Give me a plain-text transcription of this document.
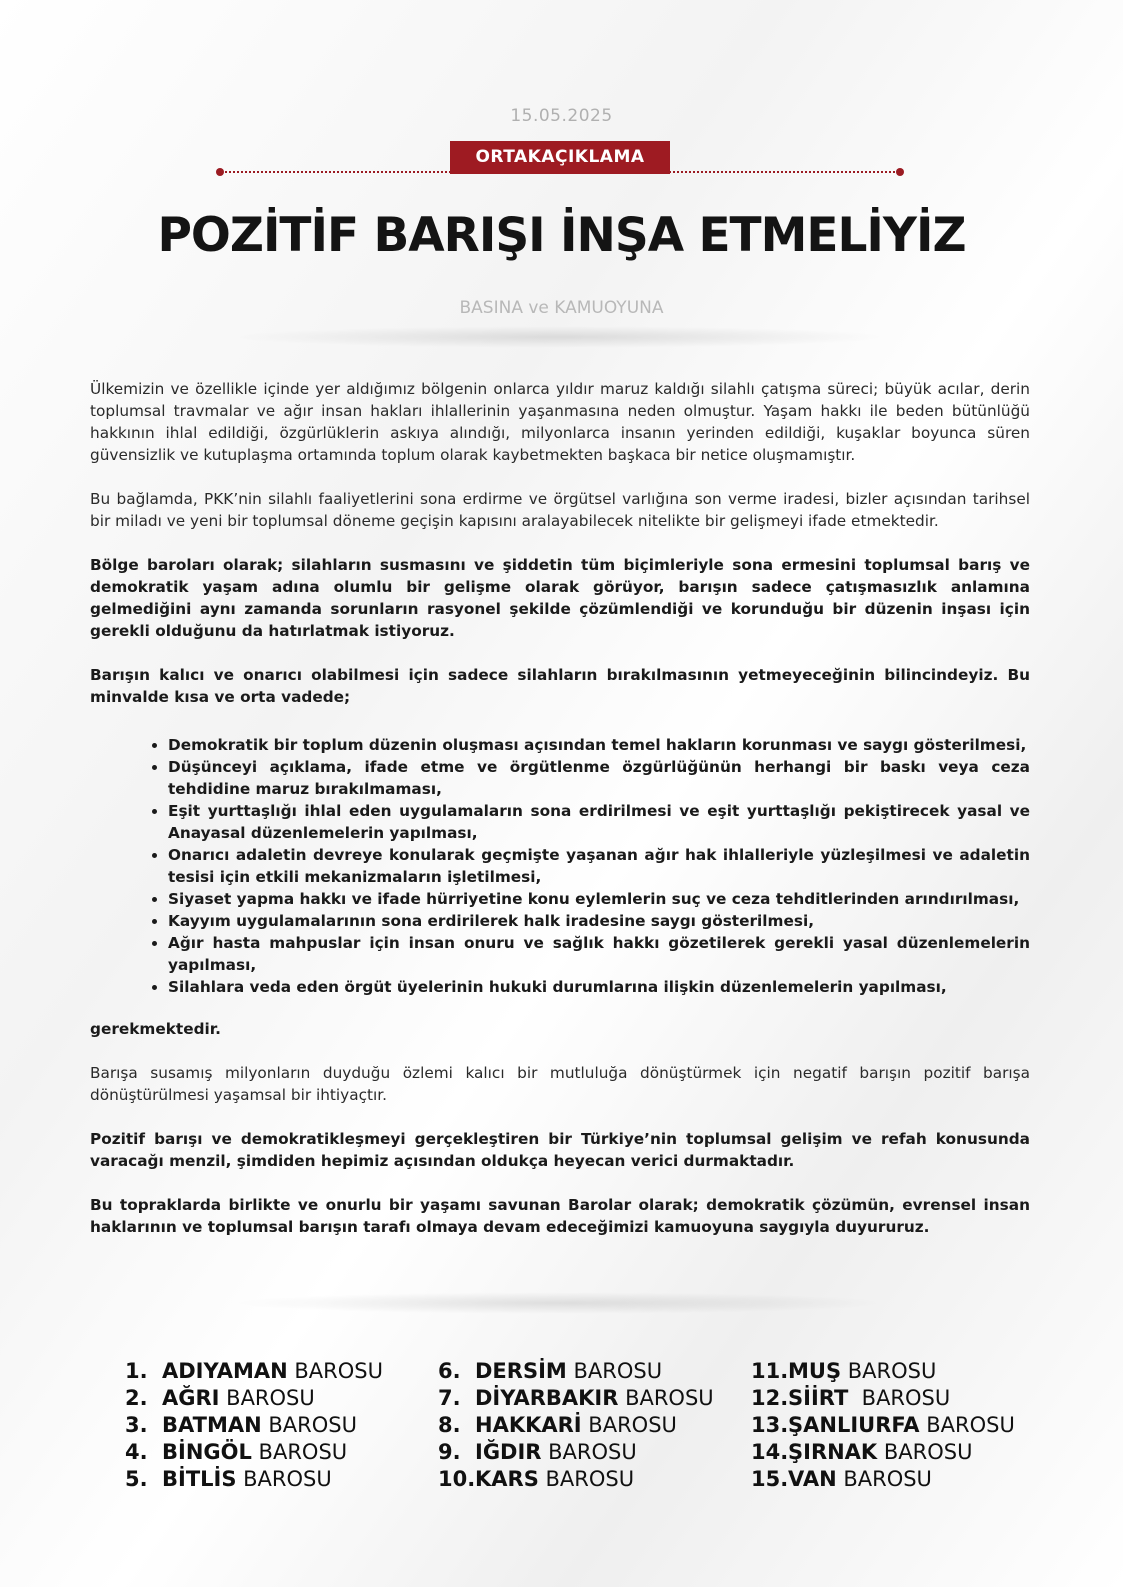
15.05.2025
ORTAKAÇIKLAMA
POZİTİF BARIŞI İNŞA ETMELİYİZ
BASINA ve KAMUOYUNA

Ülkemizin ve özellikle içinde yer aldığımız bölgenin onlarca yıldır maruz kaldığı silahlı çatışma süreci; büyük acılar, derin toplumsal travmalar ve ağır insan hakları ihlallerinin yaşanmasına neden olmuştur. Yaşam hakkı ile beden bütünlüğü hakkının ihlal edildiği, özgürlüklerin askıya alındığı, milyonlarca insanın yerinden edildiği, kuşaklar boyunca süren güvensizlik ve kutuplaşma ortamında toplum olarak kaybetmekten başkaca bir netice oluşmamıştır.

Bu bağlamda, PKK’nin silahlı faaliyetlerini sona erdirme ve örgütsel varlığına son verme iradesi, bizler açısından tarihsel bir miladı ve yeni bir toplumsal döneme geçişin kapısını aralayabilecek nitelikte bir gelişmeyi ifade etmektedir.

Bölge baroları olarak; silahların susmasını ve şiddetin tüm biçimleriyle sona ermesini toplumsal barış ve demokratik yaşam adına olumlu bir gelişme olarak görüyor, barışın sadece çatışmasızlık anlamına gelmediğini aynı zamanda sorunların rasyonel şekilde çözümlendiği ve korunduğu bir düzenin inşası için gerekli olduğunu da hatırlatmak istiyoruz.

Barışın kalıcı ve onarıcı olabilmesi için sadece silahların bırakılmasının yetmeyeceğinin bilincindeyiz. Bu minvalde kısa ve orta vadede;

• Demokratik bir toplum düzenin oluşması açısından temel hakların korunması ve saygı gösterilmesi,
• Düşünceyi açıklama, ifade etme ve örgütlenme özgürlüğünün herhangi bir baskı veya ceza tehdidine maruz bırakılmaması,
• Eşit yurttaşlığı ihlal eden uygulamaların sona erdirilmesi ve eşit yurttaşlığı pekiştirecek yasal ve Anayasal düzenlemelerin yapılması,
• Onarıcı adaletin devreye konularak geçmişte yaşanan ağır hak ihlalleriyle yüzleşilmesi ve adaletin tesisi için etkili mekanizmaların işletilmesi,
• Siyaset yapma hakkı ve ifade hürriyetine konu eylemlerin suç ve ceza tehditlerinden arındırılması,
• Kayyım uygulamalarının sona erdirilerek halk iradesine saygı gösterilmesi,
• Ağır hasta mahpuslar için insan onuru ve sağlık hakkı gözetilerek gerekli yasal düzenlemelerin yapılması,
• Silahlara veda eden örgüt üyelerinin hukuki durumlarına ilişkin düzenlemelerin yapılması,

gerekmektedir.

Barışa susamış milyonların duyduğu özlemi kalıcı bir mutluluğa dönüştürmek için negatif barışın pozitif barışa dönüştürülmesi yaşamsal bir ihtiyaçtır.

Pozitif barışı ve demokratikleşmeyi gerçekleştiren bir Türkiye’nin toplumsal gelişim ve refah konusunda varacağı menzil, şimdiden hepimiz açısından oldukça heyecan verici durmaktadır.

Bu topraklarda birlikte ve onurlu bir yaşamı savunan Barolar olarak; demokratik çözümün, evrensel insan haklarının ve toplumsal barışın tarafı olmaya devam edeceğimizi kamuoyuna saygıyla duyururuz.

1. ADIYAMAN BAROSU
2. AĞRI BAROSU
3. BATMAN BAROSU
4. BİNGÖL BAROSU
5. BİTLİS BAROSU
6. DERSİM BAROSU
7. DİYARBAKIR BAROSU
8. HAKKARİ BAROSU
9. IĞDIR BAROSU
10.KARS BAROSU
11.MUŞ BAROSU
12.SİİRT  BAROSU
13.ŞANLIURFA BAROSU
14.ŞIRNAK BAROSU
15.VAN BAROSU
